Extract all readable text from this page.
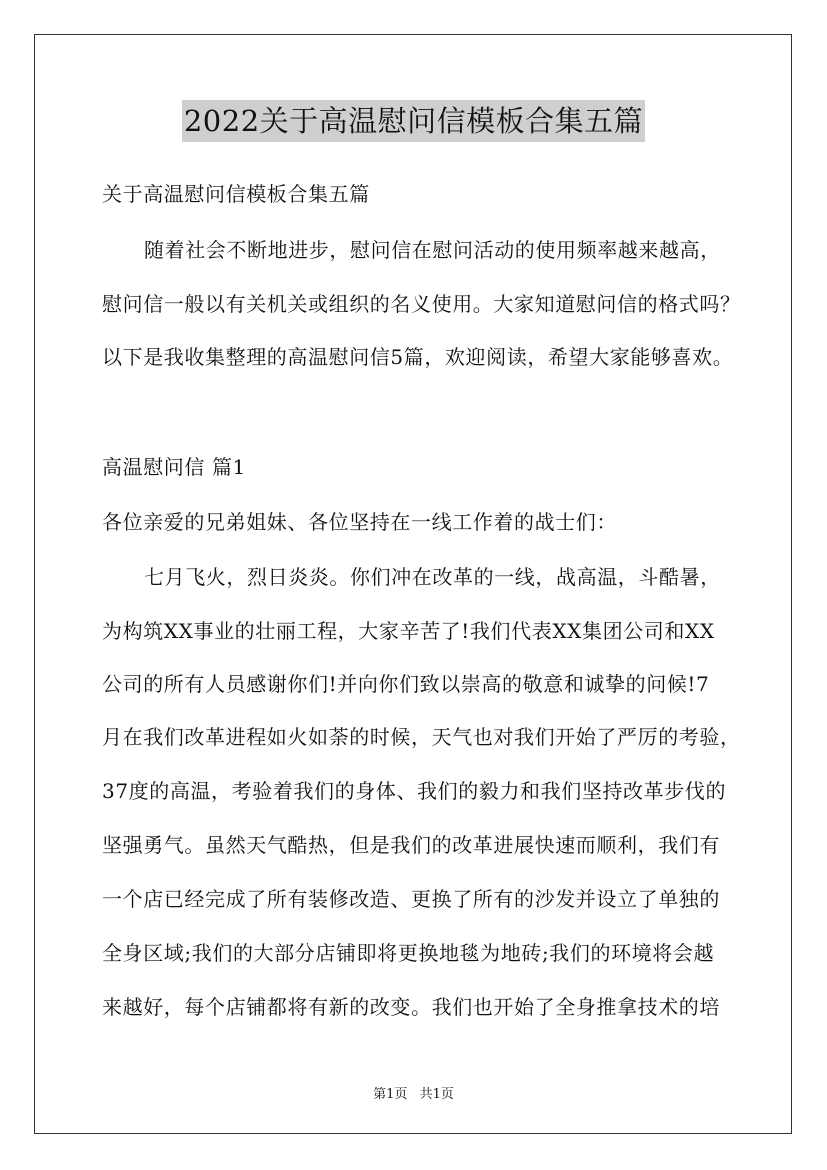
2022关于高温慰问信模板合集五篇
关于高温慰问信模板合集五篇
随着社会不断地进步，慰问信在慰问活动的使用频率越来越高，
慰问信一般以有关机关或组织的名义使用。大家知道慰问信的格式吗？
以下是我收集整理的高温慰问信5篇，欢迎阅读，希望大家能够喜欢。
高温慰问信 篇1
各位亲爱的兄弟姐妹、各位坚持在一线工作着的战士们：
七月飞火，烈日炎炎。你们冲在改革的一线，战高温，斗酷暑，
为构筑XX事业的壮丽工程，大家辛苦了!我们代表XX集团公司和XX
公司的所有人员感谢你们!并向你们致以崇高的敬意和诚挚的问候!7
月在我们改革进程如火如荼的时候，天气也对我们开始了严厉的考验，
37度的高温，考验着我们的身体、我们的毅力和我们坚持改革步伐的
坚强勇气。虽然天气酷热，但是我们的改革进展快速而顺利，我们有
一个店已经完成了所有装修改造、更换了所有的沙发并设立了单独的
全身区域;我们的大部分店铺即将更换地毯为地砖;我们的环境将会越
来越好，每个店铺都将有新的改变。我们也开始了全身推拿技术的培
第1页 共1页
